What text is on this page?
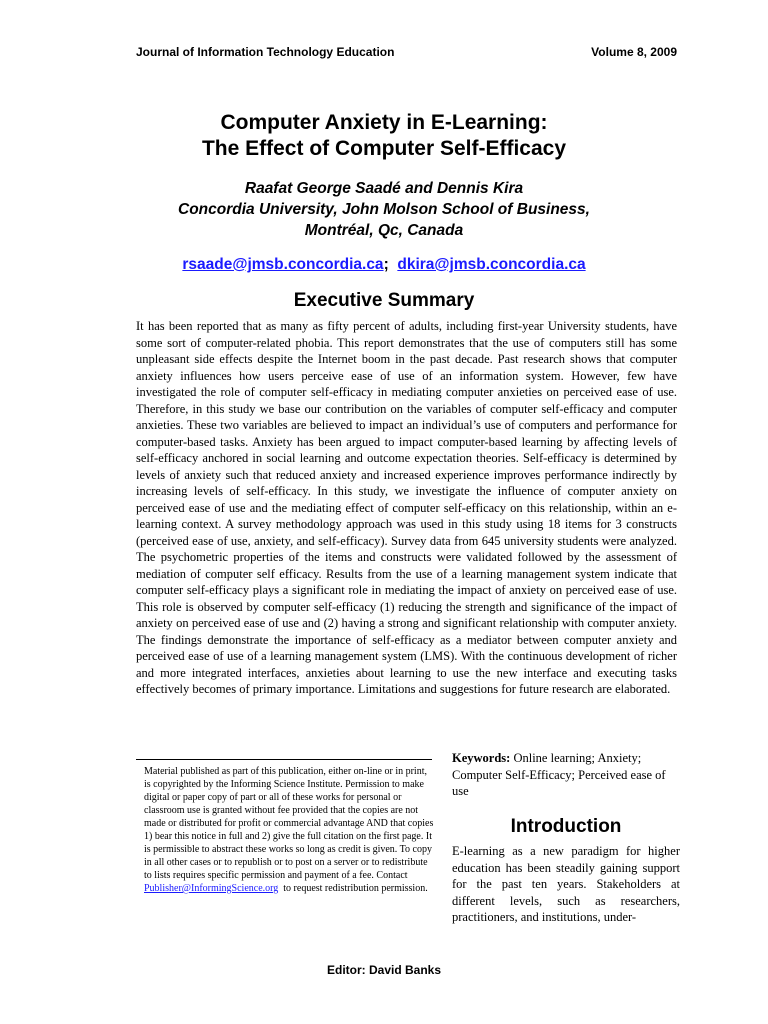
Journal of Information Technology Education	Volume 8, 2009
Computer Anxiety in E-Learning:
The Effect of Computer Self-Efficacy
Raafat George Saadé and Dennis Kira
Concordia University, John Molson School of Business,
Montréal, Qc, Canada
rsaade@jmsb.concordia.ca; dkira@jmsb.concordia.ca
Executive Summary

It has been reported that as many as fifty percent of adults, including first-year University students, have some sort of computer-related phobia. This report demonstrates that the use of computers still has some unpleasant side effects despite the Internet boom in the past decade. Past research shows that computer anxiety influences how users perceive ease of use of an information system. However, few have investigated the role of computer self-efficacy in mediating computer anxieties on perceived ease of use. Therefore, in this study we base our contribution on the variables of computer self-efficacy and computer anxieties. These two variables are believed to impact an individual’s use of computers and performance for computer-based tasks. Anxiety has been argued to impact computer-based learning by affecting levels of self-efficacy anchored in social learning and outcome expectation theories. Self-efficacy is determined by levels of anxiety such that reduced anxiety and increased experience improves performance indirectly by increasing levels of self-efficacy. In this study, we investigate the influence of computer anxiety on perceived ease of use and the mediating effect of computer self-efficacy on this relationship, within an e-learning context. A survey methodology approach was used in this study using 18 items for 3 constructs (perceived ease of use, anxiety, and self-efficacy). Survey data from 645 university students were analyzed. The psychometric properties of the items and constructs were validated followed by the assessment of mediation of computer self efficacy. Results from the use of a learning management system indicate that computer self-efficacy plays a significant role in mediating the impact of anxiety on perceived ease of use. This role is observed by computer self-efficacy (1) reducing the strength and significance of the impact of anxiety on perceived ease of use and (2) having a strong and significant relationship with computer anxiety. The findings demonstrate the importance of self-efficacy as a mediator between computer anxiety and perceived ease of use of a learning management system (LMS). With the continuous development of richer and more integrated interfaces, anxieties about learning to use the new interface and executing tasks effectively becomes of primary importance. Limitations and suggestions for future research are elaborated.

Material published as part of this publication, either on-line or in print, is copyrighted by the Informing Science Institute. Permission to make digital or paper copy of part or all of these works for personal or classroom use is granted without fee provided that the copies are not made or distributed for profit or commercial advantage AND that copies 1) bear this notice in full and 2) give the full citation on the first page. It is permissible to abstract these works so long as credit is given. To copy in all other cases or to republish or to post on a server or to redistribute to lists requires specific permission and payment of a fee. Contact Publisher@InformingScience.org to request redistribution permission.

Keywords: Online learning; Anxiety; Computer Self-Efficacy; Perceived ease of use

Introduction

E-learning as a new paradigm for higher education has been steadily gaining support for the past ten years. Stakeholders at different levels, such as researchers, practitioners, and institutions, under-

Editor: David Banks
